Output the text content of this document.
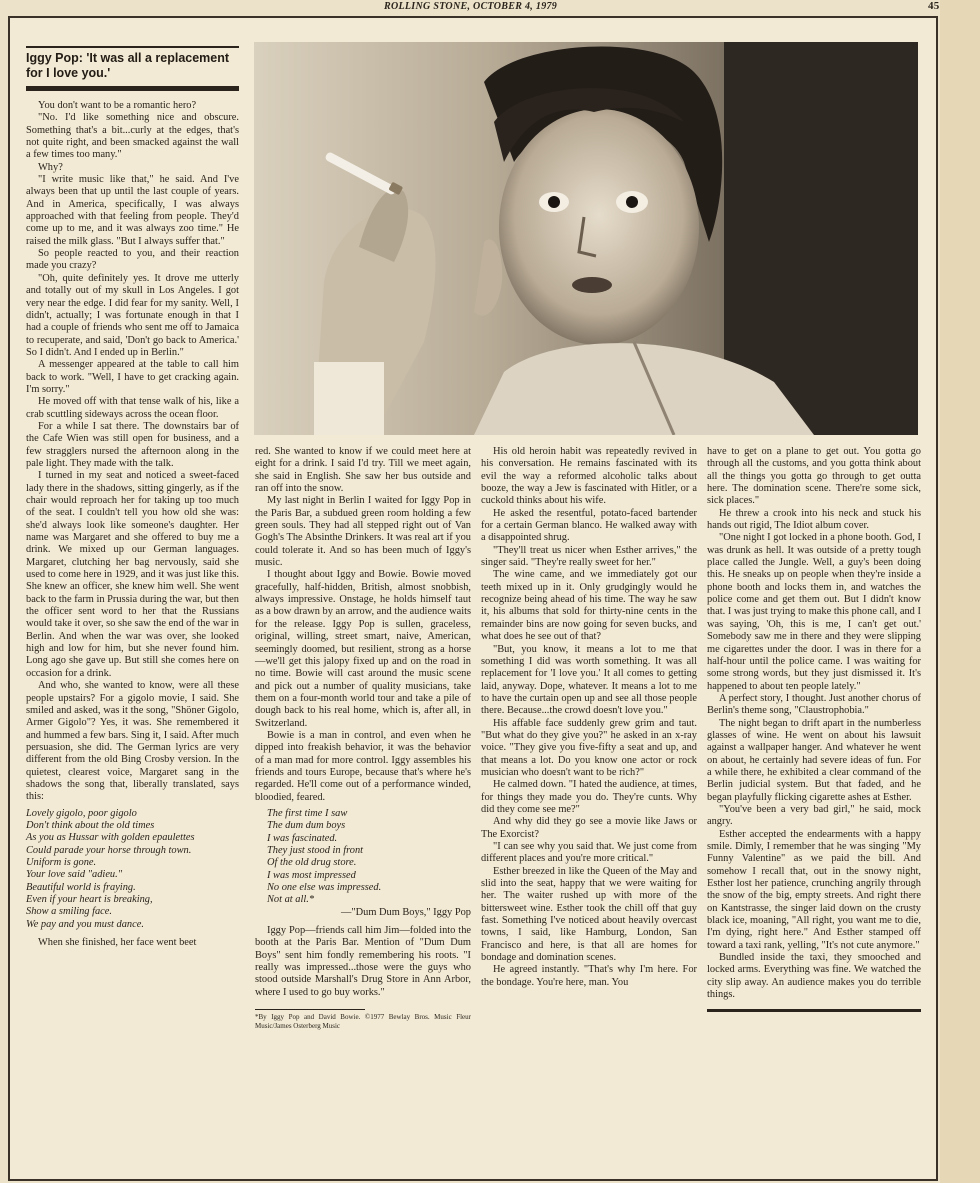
ROLLING STONE, OCTOBER 4, 1979	45

Iggy Pop: 'It was all a replacement for I love you.'

You don't want to be a romantic hero?

"No. I'd like something nice and obscure. Something that's a bit...curly at the edges, that's not quite right, and been smacked against the wall a few times too many."

Why?

"I write music like that," he said. And I've always been that up until the last couple of years. And in America, specifically, I was always approached with that feeling from people. They'd come up to me, and it was always zoo time." He raised the milk glass. "But I always suffer that."

So people reacted to you, and their reaction made you crazy?

"Oh, quite definitely yes. It drove me utterly and totally out of my skull in Los Angeles. I got very near the edge. I did fear for my sanity. Well, I didn't, actually; I was fortunate enough in that I had a couple of friends who sent me off to Jamaica to recuperate, and said, 'Don't go back to America.' So I didn't. And I ended up in Berlin."

A messenger appeared at the table to call him back to work. "Well, I have to get cracking again. I'm sorry."

He moved off with that tense walk of his, like a crab scuttling sideways across the ocean floor.

For a while I sat there. The downstairs bar of the Cafe Wien was still open for business, and a few stragglers nursed the afternoon along in the pale light. They made with the talk.

I turned in my seat and noticed a sweet-faced lady there in the shadows, sitting gingerly, as if the chair would reproach her for taking up too much of the seat. I couldn't tell you how old she was: she'd always look like someone's daughter. Her name was Margaret and she offered to buy me a drink. We mixed up our German languages. Margaret, clutching her bag nervously, said she used to come here in 1929, and it was just like this. She knew an officer, she knew him well. She went back to the farm in Prussia during the war, but then the officer sent word to her that the Russians would take it over, so she saw the end of the war in Berlin. And when the war was over, she looked high and low for him, but she never found him. Long ago she gave up. But still she comes here on occasion for a drink.

And who, she wanted to know, were all these people upstairs? For a gigolo movie, I said. She smiled and asked, was it the song, "Shöner Gigolo, Armer Gigolo"? Yes, it was. She remembered it and hummed a few bars. Sing it, I said. After much persuasion, she did. The German lyrics are very different from the old Bing Crosby version. In the quietest, clearest voice, Margaret sang in the shadows the song that, liberally translated, says this:

Lovely gigolo, poor gigolo
Don't think about the old times
As you as Hussar with golden epaulettes
Could parade your horse through town.
Uniform is gone.
Your love said "adieu."
Beautiful world is fraying.
Even if your heart is breaking,
Show a smiling face.
We pay and you must dance.

When she finished, her face went beet

red. She wanted to know if we could meet here at eight for a drink. I said I'd try. Till we meet again, she said in English. She saw her bus outside and ran off into the snow.

My last night in Berlin I waited for Iggy Pop in the Paris Bar, a subdued green room holding a few green souls. They had all stepped right out of Van Gogh's The Absinthe Drinkers. It was real art if you could tolerate it. And so has been much of Iggy's music.

I thought about Iggy and Bowie. Bowie moved gracefully, half-hidden, British, almost snobbish, always impressive. Onstage, he holds himself taut as a bow drawn by an arrow, and the audience waits for the release. Iggy Pop is sullen, graceless, original, willing, street smart, naive, American, seemingly doomed, but resilient, strong as a horse —we'll get this jalopy fixed up and on the road in no time. Bowie will cast around the music scene and pick out a number of quality musicians, take them on a four-month world tour and take a pile of dough back to his real home, which is, after all, in Switzerland.

Bowie is a man in control, and even when he dipped into freakish behavior, it was the behavior of a man mad for more control. Iggy assembles his friends and tours Europe, because that's where he's regarded. He'll come out of a performance winded, bloodied, feared.

The first time I saw
The dum dum boys
I was fascinated.
They just stood in front
Of the old drug store.
I was most impressed
No one else was impressed.
Not at all.*
—"Dum Dum Boys," Iggy Pop

Iggy Pop—friends call him Jim—folded into the booth at the Paris Bar. Mention of "Dum Dum Boys" sent him fondly remembering his roots. "I really was impressed...those were the guys who stood outside Marshall's Drug Store in Ann Arbor, where I used to go buy works."

*By Iggy Pop and David Bowie. ©1977 Bewlay Bros. Music Fleur Music/James Osterberg Music

His old heroin habit was repeatedly revived in his conversation. He remains fascinated with its evil the way a reformed alcoholic talks about booze, the way a Jew is fascinated with Hitler, or a cuckold thinks about his wife.

He asked the resentful, potato-faced bartender for a certain German blanco. He walked away with a disappointed shrug.

"They'll treat us nicer when Esther arrives," the singer said. "They're really sweet for her."

The wine came, and we immediately got our teeth mixed up in it. Only grudgingly would he recognize being ahead of his time. The way he saw it, his albums that sold for thirty-nine cents in the remainder bins are now going for seven bucks, and what does he see out of that?

"But, you know, it means a lot to me that something I did was worth something. It was all replacement for 'I love you.' It all comes to getting laid, anyway. Dope, whatever. It means a lot to me to have the curtain open up and see all those people there. Because...the crowd doesn't love you."

His affable face suddenly grew grim and taut. "But what do they give you?" he asked in an x-ray voice. "They give you five-fifty a seat and up, and that means a lot. Do you know one actor or rock musician who doesn't want to be rich?"

He calmed down. "I hated the audience, at times, for things they made you do. They're cunts. Why did they come see me?"

And why did they go see a movie like Jaws or The Exorcist?

"I can see why you said that. We just come from different places and you're more critical."

Esther breezed in like the Queen of the May and slid into the seat, happy that we were waiting for her. The waiter rushed up with more of the bittersweet wine. Esther took the chill off that guy fast. Something I've noticed about heavily overcast towns, I said, like Hamburg, London, San Francisco and here, is that all are homes for bondage and domination scenes.

He agreed instantly. "That's why I'm here. For the bondage. You're here, man. You

have to get on a plane to get out. You gotta go through all the customs, and you gotta think about all the things you gotta go through to get outta here. The domination scene. There're some sick, sick places."

He threw a crook into his neck and stuck his hands out rigid, The Idiot album cover.

"One night I got locked in a phone booth. God, I was drunk as hell. It was outside of a pretty tough place called the Jungle. Well, a guy's been doing this. He sneaks up on people when they're inside a phone booth and locks them in, and watches the police come and get them out. But I didn't know that. I was just trying to make this phone call, and I was saying, 'Oh, this is me, I can't get out.' Somebody saw me in there and they were slipping me cigarettes under the door. I was in there for a half-hour until the police came. I was waiting for some strong words, but they just dismissed it. It's happened to about ten people lately."

A perfect story, I thought. Just another chorus of Berlin's theme song, "Claustrophobia."

The night began to drift apart in the numberless glasses of wine. He went on about his lawsuit against a wallpaper hanger. And whatever he went on about, he certainly had severe ideas of fun. For a while there, he exhibited a clear command of the Berlin judicial system. But that faded, and he began playfully flicking cigarette ashes at Esther.

"You've been a very bad girl," he said, mock angry.

Esther accepted the endearments with a happy smile. Dimly, I remember that he was singing "My Funny Valentine" as we paid the bill. And somehow I recall that, out in the snowy night, Esther lost her patience, crunching angrily through the snow of the big, empty streets. And right there on Kantstrasse, the singer laid down on the crusty black ice, moaning, "All right, you want me to die, I'm dying, right here." And Esther stamped off toward a taxi rank, yelling, "It's not cute anymore."

Bundled inside the taxi, they smooched and locked arms. Everything was fine. We watched the city slip away. An audience makes you do terrible things.
